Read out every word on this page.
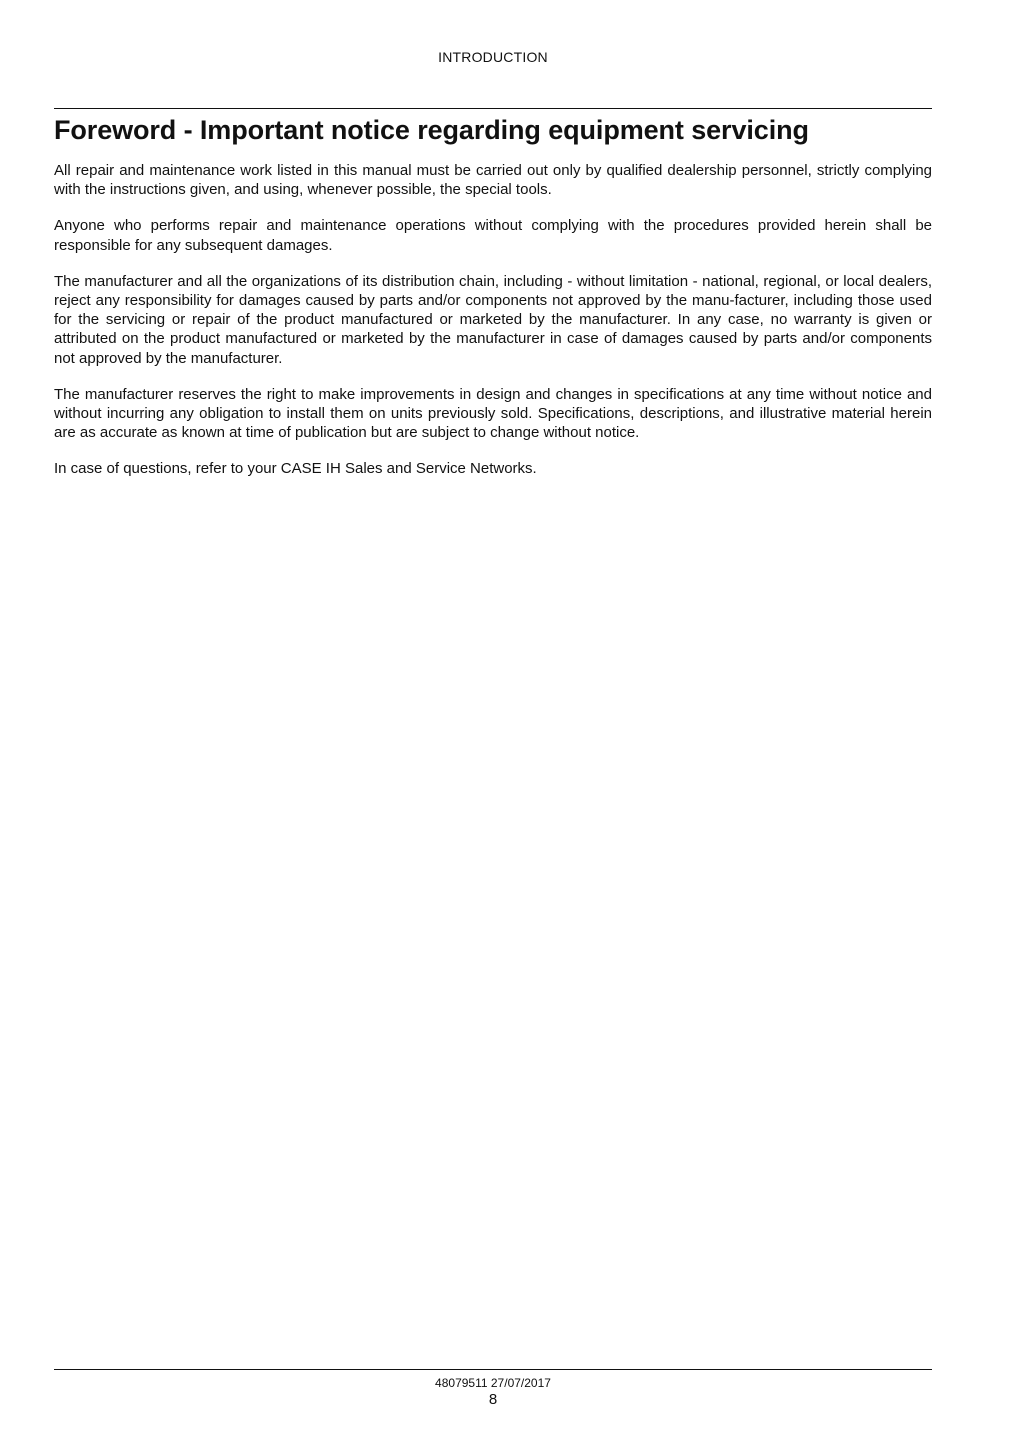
INTRODUCTION
Foreword - Important notice regarding equipment servicing

All repair and maintenance work listed in this manual must be carried out only by qualified dealership personnel, strictly complying with the instructions given, and using, whenever possible, the special tools.

Anyone who performs repair and maintenance operations without complying with the procedures provided herein shall be responsible for any subsequent damages.

The manufacturer and all the organizations of its distribution chain, including - without limitation - national, regional, or local dealers, reject any responsibility for damages caused by parts and/or components not approved by the manu-facturer, including those used for the servicing or repair of the product manufactured or marketed by the manufacturer. In any case, no warranty is given or attributed on the product manufactured or marketed by the manufacturer in case of damages caused by parts and/or components not approved by the manufacturer.

The manufacturer reserves the right to make improvements in design and changes in specifications at any time without notice and without incurring any obligation to install them on units previously sold. Specifications, descriptions, and illustrative material herein are as accurate as known at time of publication but are subject to change without notice.

In case of questions, refer to your CASE IH Sales and Service Networks.

48079511 27/07/2017
8
